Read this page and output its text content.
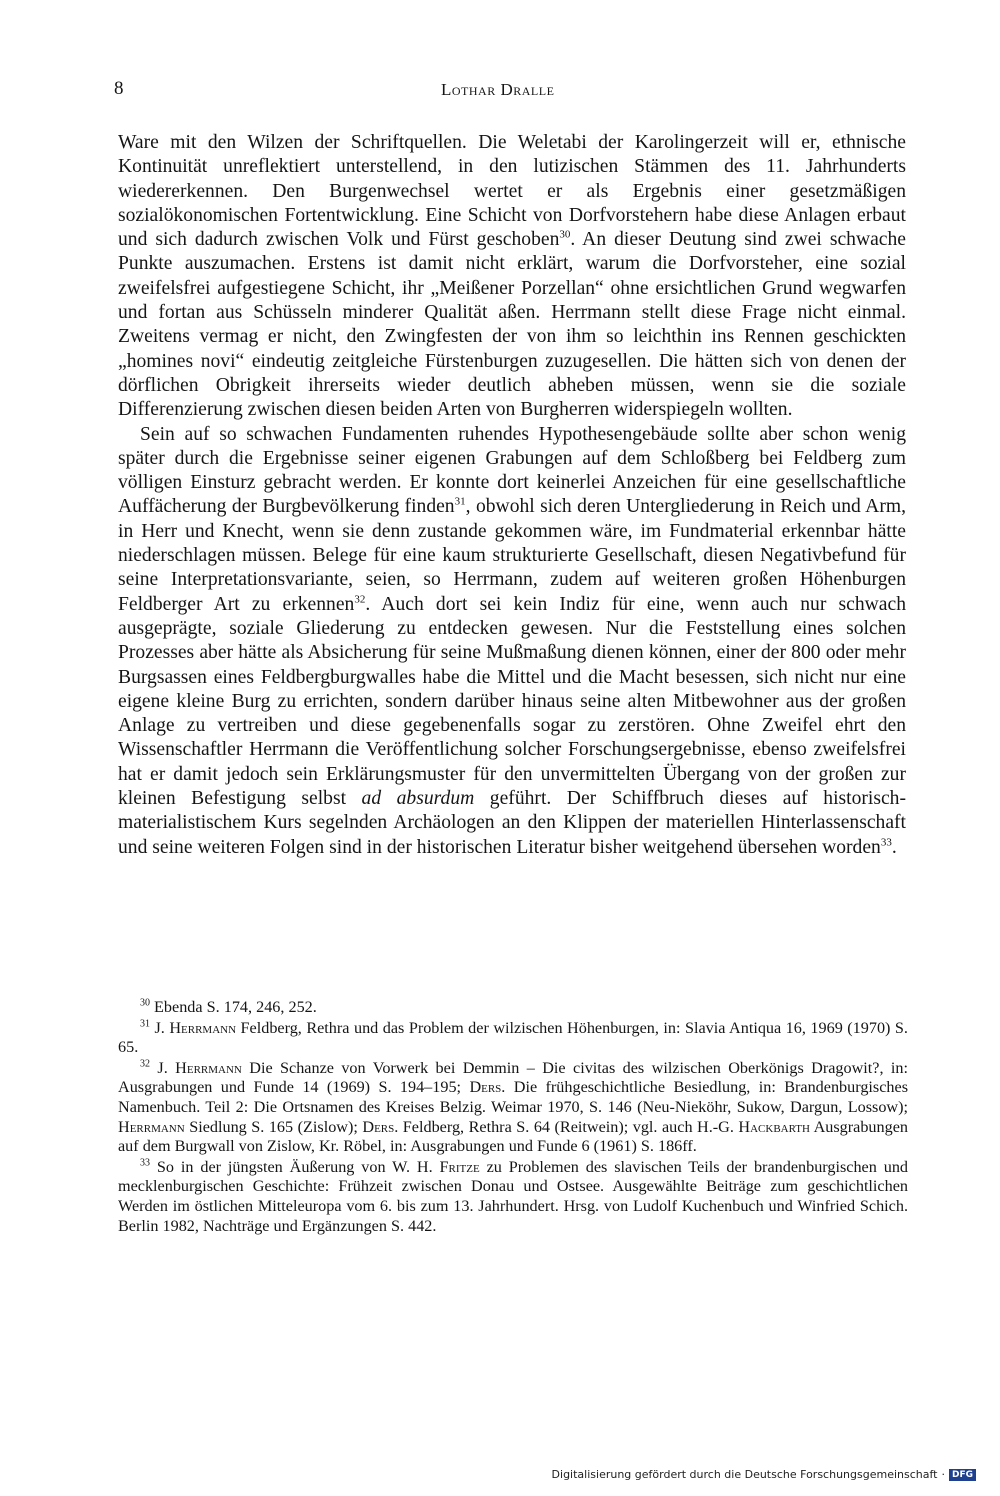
8	Lothar Dralle

Ware mit den Wilzen der Schriftquellen. Die Weletabi der Karolingerzeit will er, ethnische Kontinuität unreflektiert unterstellend, in den lutizischen Stämmen des 11. Jahrhunderts wiedererkennen. Den Burgenwechsel wertet er als Ergebnis einer gesetzmäßigen sozialökonomischen Fortentwicklung. Eine Schicht von Dorfvorstehern habe diese Anlagen erbaut und sich dadurch zwischen Volk und Fürst geschoben$^{30}$. An dieser Deutung sind zwei schwache Punkte auszumachen. Erstens ist damit nicht erklärt, warum die Dorfvorsteher, eine sozial zweifelsfrei aufgestiegene Schicht, ihr „Meißener Porzellan“ ohne ersichtlichen Grund wegwarfen und fortan aus Schüsseln minderer Qualität aßen. Herrmann stellt diese Frage nicht einmal. Zweitens vermag er nicht, den Zwingfesten der von ihm so leichthin ins Rennen geschickten „homines novi“ eindeutig zeitgleiche Fürstenburgen zuzugesellen. Die hätten sich von denen der dörflichen Obrigkeit ihrerseits wieder deutlich abheben müssen, wenn sie die soziale Differenzierung zwischen diesen beiden Arten von Burgherren widerspiegeln wollten.

Sein auf so schwachen Fundamenten ruhendes Hypothesengebäude sollte aber schon wenig später durch die Ergebnisse seiner eigenen Grabungen auf dem Schloßberg bei Feldberg zum völligen Einsturz gebracht werden. Er konnte dort keinerlei Anzeichen für eine gesellschaftliche Auffächerung der Burgbevölkerung finden$^{31}$, obwohl sich deren Untergliederung in Reich und Arm, in Herr und Knecht, wenn sie denn zustande gekommen wäre, im Fundmaterial erkennbar hätte niederschlagen müssen. Belege für eine kaum strukturierte Gesellschaft, diesen Negativbefund für seine Interpretationsvariante, seien, so Herrmann, zudem auf weiteren großen Höhenburgen Feldberger Art zu erkennen$^{32}$. Auch dort sei kein Indiz für eine, wenn auch nur schwach ausgeprägte, soziale Gliederung zu entdecken gewesen. Nur die Feststellung eines solchen Prozesses aber hätte als Absicherung für seine Mußmaßung dienen können, einer der 800 oder mehr Burgsassen eines Feldbergburgwalles habe die Mittel und die Macht besessen, sich nicht nur eine eigene kleine Burg zu errichten, sondern darüber hinaus seine alten Mitbewohner aus der großen Anlage zu vertreiben und diese gegebenenfalls sogar zu zerstören. Ohne Zweifel ehrt den Wissenschaftler Herrmann die Veröffentlichung solcher Forschungsergebnisse, ebenso zweifelsfrei hat er damit jedoch sein Erklärungsmuster für den unvermittelten Übergang von der großen zur kleinen Befestigung selbst ad absurdum geführt. Der Schiffbruch dieses auf historisch-materialistischem Kurs segelnden Archäologen an den Klippen der materiellen Hinterlassenschaft und seine weiteren Folgen sind in der historischen Literatur bisher weitgehend übersehen worden$^{33}$.

$^{30}$ Ebenda S. 174, 246, 252.

$^{31}$ J. Herrmann Feldberg, Rethra und das Problem der wilzischen Höhenburgen, in: Slavia Antiqua 16, 1969 (1970) S. 65.

$^{32}$ J. Herrmann Die Schanze von Vorwerk bei Demmin – Die civitas des wilzischen Oberkönigs Dragowit?, in: Ausgrabungen und Funde 14 (1969) S. 194–195; Ders. Die frühgeschichtliche Besiedlung, in: Brandenburgisches Namenbuch. Teil 2: Die Ortsnamen des Kreises Belzig. Weimar 1970, S. 146 (Neu-Nieköhr, Sukow, Dargun, Lossow); Herrmann Siedlung S. 165 (Zislow); Ders. Feldberg, Rethra S. 64 (Reitwein); vgl. auch H.-G. Hackbarth Ausgrabungen auf dem Burgwall von Zislow, Kr. Röbel, in: Ausgrabungen und Funde 6 (1961) S. 186ff.

$^{33}$ So in der jüngsten Äußerung von W. H. Fritze zu Problemen des slavischen Teils der brandenburgischen und mecklenburgischen Geschichte: Frühzeit zwischen Donau und Ostsee. Ausgewählte Beiträge zum geschichtlichen Werden im östlichen Mitteleuropa vom 6. bis zum 13. Jahrhundert. Hrsg. von Ludolf Kuchenbuch und Winfried Schich. Berlin 1982, Nachträge und Ergänzungen S. 442.

Digitalisierung gefördert durch die Deutsche Forschungsgemeinschaft · DFG
